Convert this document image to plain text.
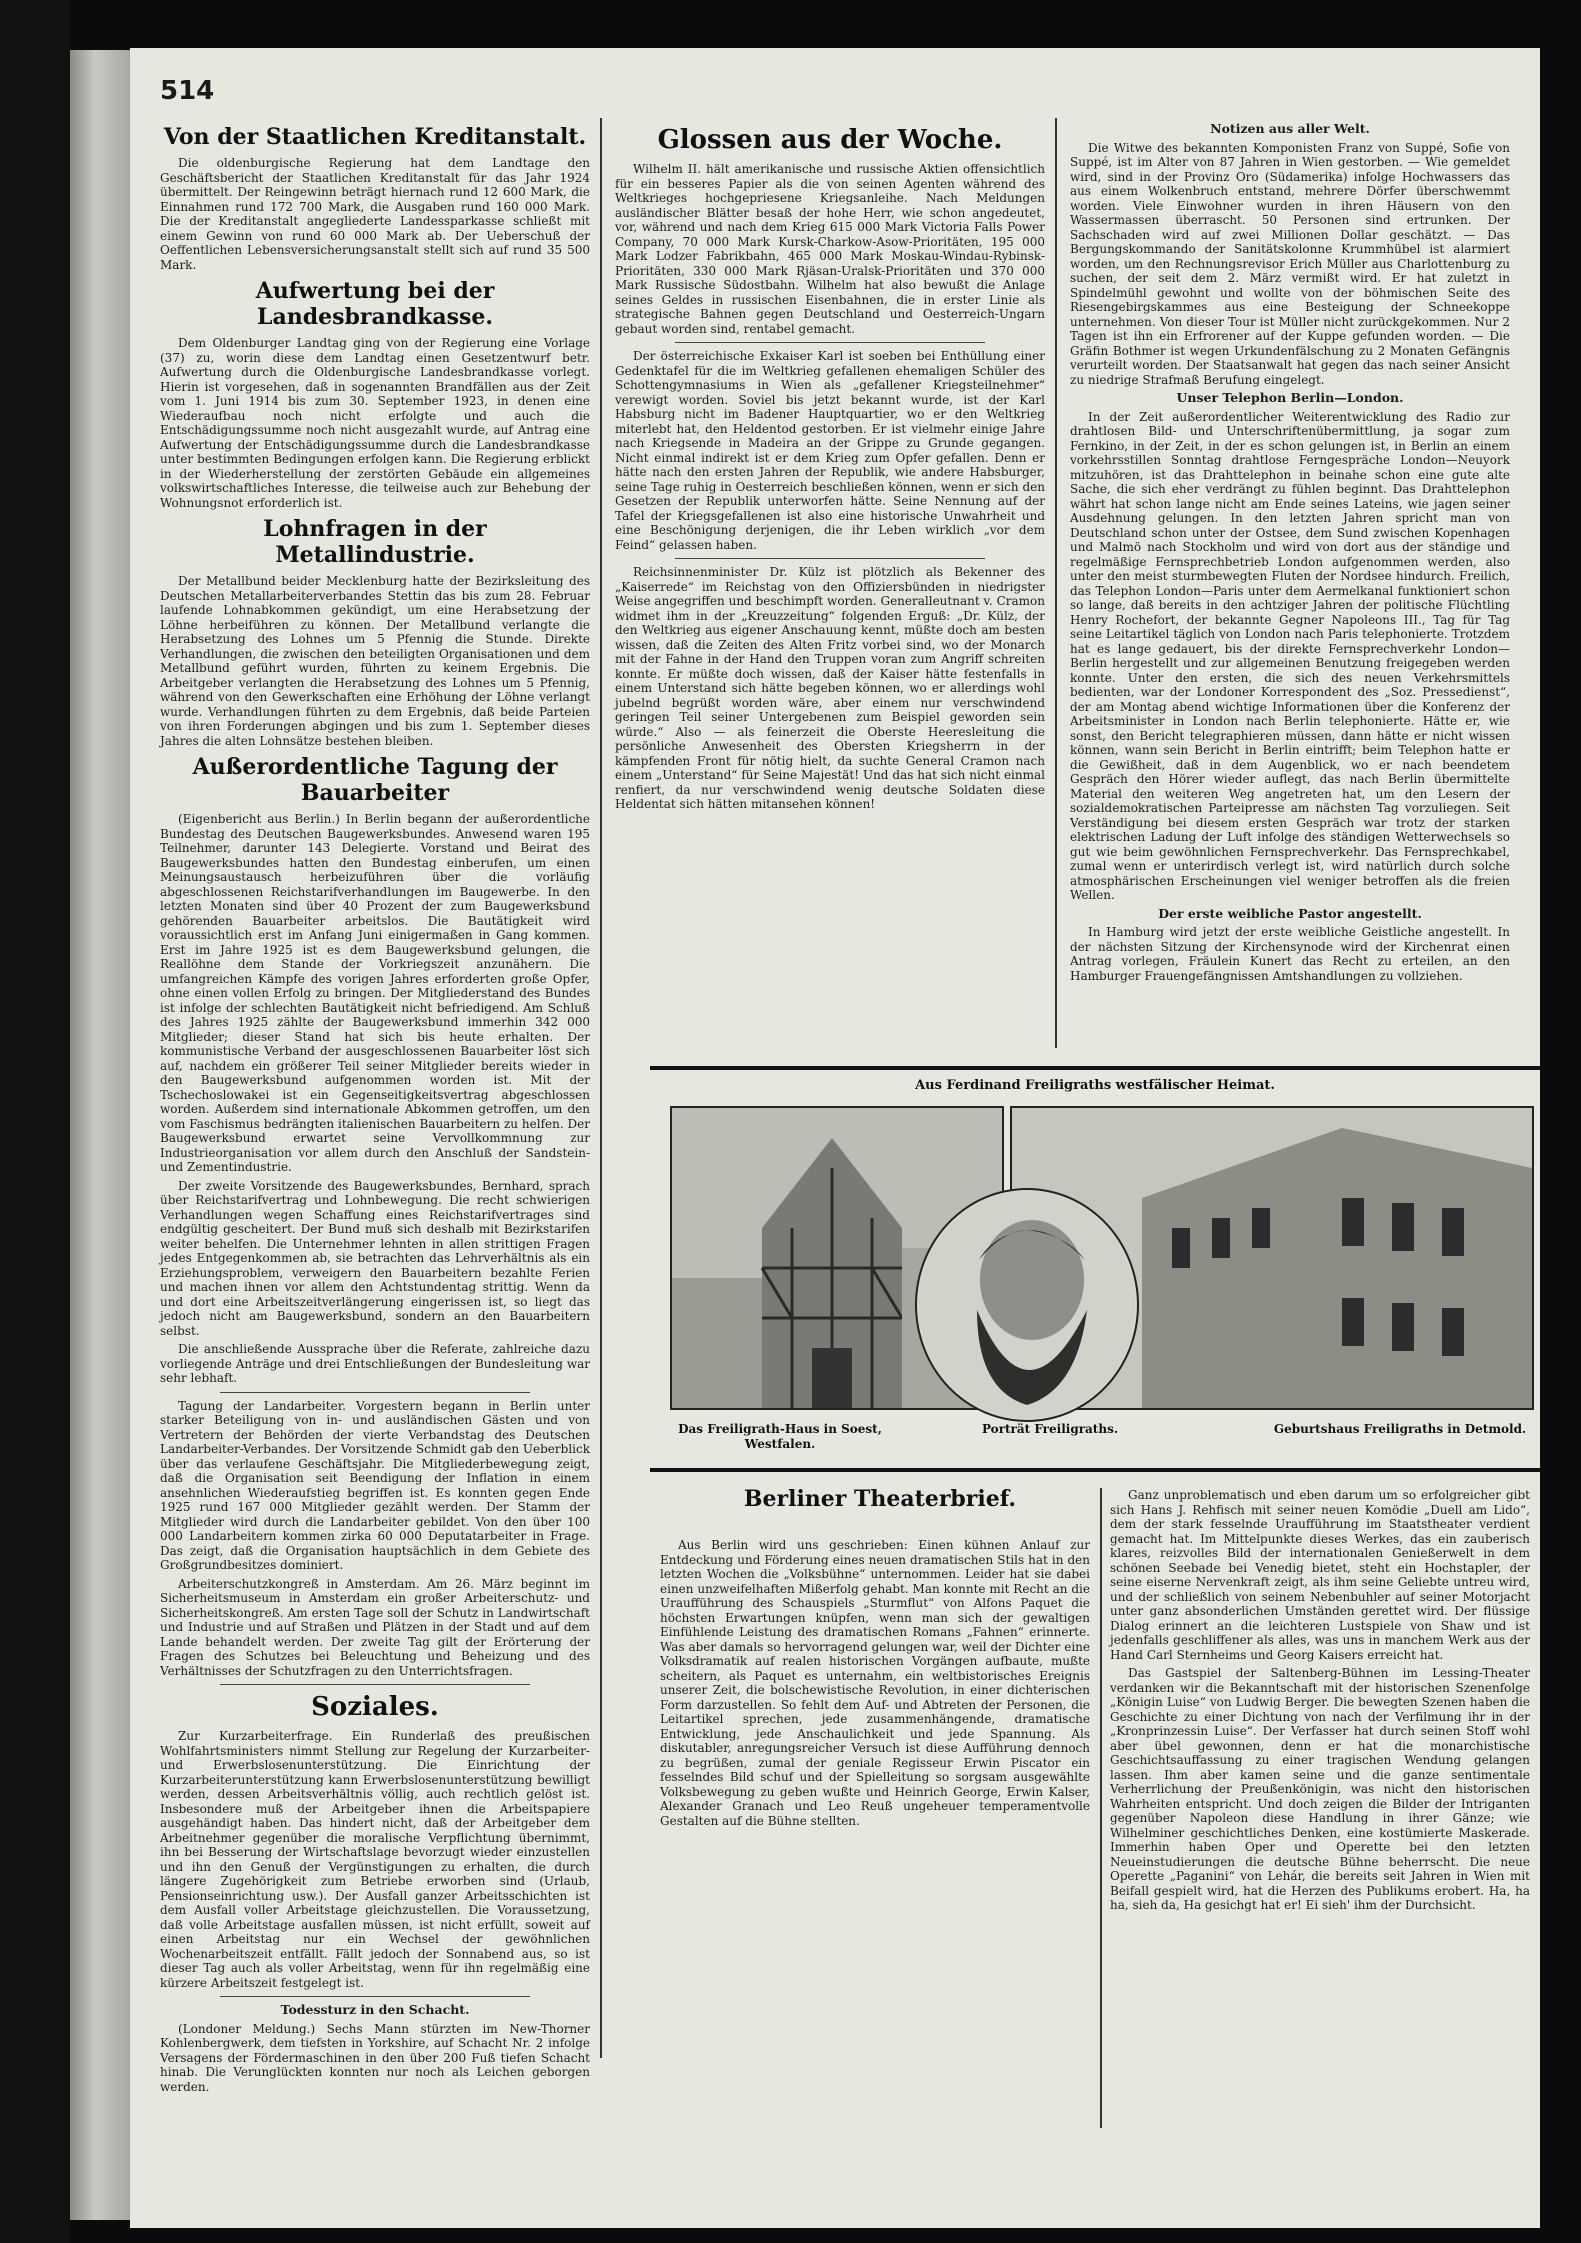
514
Von der Staatlichen Kreditanstalt.

Die oldenburgische Regierung hat dem Landtage den Geschäftsbericht der Staatlichen Kreditanstalt für das Jahr 1924 übermittelt. Der Reingewinn beträgt hiernach rund 12 600 Mark, die Einnahmen rund 172 700 Mark, die Ausgaben rund 160 000 Mark. Die der Kreditanstalt angegliederte Landessparkasse schließt mit einem Gewinn von rund 60 000 Mark ab. Der Ueberschuß der Oeffentlichen Lebensversicherungsanstalt stellt sich auf rund 35 500 Mark.

Aufwertung bei der Landesbrandkasse.

Dem Oldenburger Landtag ging von der Regierung eine Vorlage (37) zu, worin diese dem Landtag einen Gesetzentwurf betr. Aufwertung durch die Oldenburgische Landesbrandkasse vorlegt. Hierin ist vorgesehen, daß in sogenannten Brandfällen aus der Zeit vom 1. Juni 1914 bis zum 30. September 1923, in denen eine Wiederaufbau noch nicht erfolgte und auch die Entschädigungssumme noch nicht ausgezahlt wurde, auf Antrag eine Aufwertung der Entschädigungssumme durch die Landesbrandkasse unter bestimmten Bedingungen erfolgen kann. Die Regierung erblickt in der Wiederherstellung der zerstörten Gebäude ein allgemeines volkswirtschaftliches Interesse, die teilweise auch zur Behebung der Wohnungsnot erforderlich ist.

Lohnfragen in der Metallindustrie.

Der Metallbund beider Mecklenburg hatte der Bezirksleitung des Deutschen Metallarbeiterverbandes Stettin das bis zum 28. Februar laufende Lohnabkommen gekündigt, um eine Herabsetzung der Löhne herbeiführen zu können. Der Metallbund verlangte die Herabsetzung des Lohnes um 5 Pfennig die Stunde. Direkte Verhandlungen, die zwischen den beteiligten Organisationen und dem Metallbund geführt wurden, führten zu keinem Ergebnis. Die Arbeitgeber verlangten die Herabsetzung des Lohnes um 5 Pfennig, während von den Gewerkschaften eine Erhöhung der Löhne verlangt wurde. Verhandlungen führten zu dem Ergebnis, daß beide Parteien von ihren Forderungen abgingen und bis zum 1. September dieses Jahres die alten Lohnsätze bestehen bleiben.

Außerordentliche Tagung der Bauarbeiter

(Eigenbericht aus Berlin.) In Berlin begann der außerordentliche Bundestag des Deutschen Baugewerksbundes. Anwesend waren 195 Teilnehmer, darunter 143 Delegierte. Vorstand und Beirat des Baugewerksbundes hatten den Bundestag einberufen, um einen Meinungsaustausch herbeizuführen über die vorläufig abgeschlossenen Reichstarifverhandlungen im Baugewerbe. In den letzten Monaten sind über 40 Prozent der zum Baugewerksbund gehörenden Bauarbeiter arbeitslos. Die Bautätigkeit wird voraussichtlich erst im Anfang Juni einigermaßen in Gang kommen. Erst im Jahre 1925 ist es dem Baugewerksbund gelungen, die Reallöhne dem Stande der Vorkriegszeit anzunähern. Die umfangreichen Kämpfe des vorigen Jahres erforderten große Opfer, ohne einen vollen Erfolg zu bringen. Der Mitgliederstand des Bundes ist infolge der schlechten Bautätigkeit nicht befriedigend. Am Schluß des Jahres 1925 zählte der Baugewerksbund immerhin 342 000 Mitglieder; dieser Stand hat sich bis heute erhalten. Der kommunistische Verband der ausgeschlossenen Bauarbeiter löst sich auf, nachdem ein größerer Teil seiner Mitglieder bereits wieder in den Baugewerksbund aufgenommen worden ist. Mit der Tschechoslowakei ist ein Gegenseitigkeitsvertrag abgeschlossen worden. Außerdem sind internationale Abkommen getroffen, um den vom Faschismus bedrängten italienischen Bauarbeitern zu helfen. Der Baugewerksbund erwartet seine Vervollkommnung zur Industrieorganisation vor allem durch den Anschluß der Sandstein- und Zementindustrie.

Der zweite Vorsitzende des Baugewerksbundes, Bernhard, sprach über Reichstarifvertrag und Lohnbewegung. Die recht schwierigen Verhandlungen wegen Schaffung eines Reichstarifvertrages sind endgültig gescheitert. Der Bund muß sich deshalb mit Bezirkstarifen weiter behelfen. Die Unternehmer lehnten in allen strittigen Fragen jedes Entgegenkommen ab, sie betrachten das Lehrverhältnis als ein Erziehungsproblem, verweigern den Bauarbeitern bezahlte Ferien und machen ihnen vor allem den Achtstundentag strittig. Wenn da und dort eine Arbeitszeitverlängerung eingerissen ist, so liegt das jedoch nicht am Baugewerksbund, sondern an den Bauarbeitern selbst.

Die anschließende Aussprache über die Referate, zahlreiche dazu vorliegende Anträge und drei Entschließungen der Bundesleitung war sehr lebhaft.

Tagung der Landarbeiter. Vorgestern begann in Berlin unter starker Beteiligung von in- und ausländischen Gästen und von Vertretern der Behörden der vierte Verbandstag des Deutschen Landarbeiter-Verbandes. Der Vorsitzende Schmidt gab den Ueberblick über das verlaufene Geschäftsjahr. Die Mitgliederbewegung zeigt, daß die Organisation seit Beendigung der Inflation in einem ansehnlichen Wiederaufstieg begriffen ist. Es konnten gegen Ende 1925 rund 167 000 Mitglieder gezählt werden. Der Stamm der Mitglieder wird durch die Landarbeiter gebildet. Von den über 100 000 Landarbeitern kommen zirka 60 000 Deputatarbeiter in Frage. Das zeigt, daß die Organisation hauptsächlich in dem Gebiete des Großgrundbesitzes dominiert.

Arbeiterschutzkongreß in Amsterdam. Am 26. März beginnt im Sicherheitsmuseum in Amsterdam ein großer Arbeiterschutz- und Sicherheitskongreß. Am ersten Tage soll der Schutz in Landwirtschaft und Industrie und auf Straßen und Plätzen in der Stadt und auf dem Lande behandelt werden. Der zweite Tag gilt der Erörterung der Fragen des Schutzes bei Beleuchtung und Beheizung und des Verhältnisses der Schutzfragen zu den Unterrichtsfragen.

Soziales.

Zur Kurzarbeiterfrage. Ein Runderlaß des preußischen Wohlfahrtsministers nimmt Stellung zur Regelung der Kurzarbeiter- und Erwerbslosenunterstützung. Die Einrichtung der Kurzarbeiterunterstützung kann Erwerbslosenunterstützung bewilligt werden, dessen Arbeitsverhältnis völlig, auch rechtlich gelöst ist. Insbesondere muß der Arbeitgeber ihnen die Arbeitspapiere ausgehändigt haben. Das hindert nicht, daß der Arbeitgeber dem Arbeitnehmer gegenüber die moralische Verpflichtung übernimmt, ihn bei Besserung der Wirtschaftslage bevorzugt wieder einzustellen und ihn den Genuß der Vergünstigungen zu erhalten, die durch längere Zugehörigkeit zum Betriebe erworben sind (Urlaub, Pensionseinrichtung usw.). Der Ausfall ganzer Arbeitsschichten ist dem Ausfall voller Arbeitstage gleichzustellen. Die Voraussetzung, daß volle Arbeitstage ausfallen müssen, ist nicht erfüllt, soweit auf einen Arbeitstag nur ein Wechsel der gewöhnlichen Wochenarbeitszeit entfällt. Fällt jedoch der Sonnabend aus, so ist dieser Tag auch als voller Arbeitstag, wenn für ihn regelmäßig eine kürzere Arbeitszeit festgelegt ist.

Todessturz in den Schacht.

(Londoner Meldung.) Sechs Mann stürzten im New-Thorner Kohlenbergwerk, dem tiefsten in Yorkshire, auf Schacht Nr. 2 infolge Versagens der Fördermaschinen in den über 200 Fuß tiefen Schacht hinab. Die Verunglückten konnten nur noch als Leichen geborgen werden.

Glossen aus der Woche.

Wilhelm II. hält amerikanische und russische Aktien offensichtlich für ein besseres Papier als die von seinen Agenten während des Weltkrieges hochgepriesene Kriegsanleihe. Nach Meldungen ausländischer Blätter besaß der hohe Herr, wie schon angedeutet, vor, während und nach dem Krieg 615 000 Mark Victoria Falls Power Company, 70 000 Mark Kursk-Charkow-Asow-Prioritäten, 195 000 Mark Lodzer Fabrikbahn, 465 000 Mark Moskau-Windau-Rybinsk-Prioritäten, 330 000 Mark Rjäsan-Uralsk-Prioritäten und 370 000 Mark Russische Südostbahn. Wilhelm hat also bewußt die Anlage seines Geldes in russischen Eisenbahnen, die in erster Linie als strategische Bahnen gegen Deutschland und Oesterreich-Ungarn gebaut worden sind, rentabel gemacht.

Der österreichische Exkaiser Karl ist soeben bei Enthüllung einer Gedenktafel für die im Weltkrieg gefallenen ehemaligen Schüler des Schottengymnasiums in Wien als „gefallener Kriegsteilnehmer“ verewigt worden. Soviel bis jetzt bekannt wurde, ist der Karl Habsburg nicht im Badener Hauptquartier, wo er den Weltkrieg miterlebt hat, den Heldentod gestorben. Er ist vielmehr einige Jahre nach Kriegsende in Madeira an der Grippe zu Grunde gegangen. Nicht einmal indirekt ist er dem Krieg zum Opfer gefallen. Denn er hätte nach den ersten Jahren der Republik, wie andere Habsburger, seine Tage ruhig in Oesterreich beschließen können, wenn er sich den Gesetzen der Republik unterworfen hätte. Seine Nennung auf der Tafel der Kriegsgefallenen ist also eine historische Unwahrheit und eine Beschönigung derjenigen, die ihr Leben wirklich „vor dem Feind“ gelassen haben.

Reichsinnenminister Dr. Külz ist plötzlich als Bekenner des „Kaiserrede“ im Reichstag von den Offiziersbünden in niedrigster Weise angegriffen und beschimpft worden. Generalleutnant v. Cramon widmet ihm in der „Kreuzzeitung“ folgenden Erguß: „Dr. Külz, der den Weltkrieg aus eigener Anschauung kennt, müßte doch am besten wissen, daß die Zeiten des Alten Fritz vorbei sind, wo der Monarch mit der Fahne in der Hand den Truppen voran zum Angriff schreiten konnte. Er müßte doch wissen, daß der Kaiser hätte festenfalls in einem Unterstand sich hätte begeben können, wo er allerdings wohl jubelnd begrüßt worden wäre, aber einem nur verschwindend geringen Teil seiner Untergebenen zum Beispiel geworden sein würde.“ Also — als feinerzeit die Oberste Heeresleitung die persönliche Anwesenheit des Obersten Kriegsherrn in der kämpfenden Front für nötig hielt, da suchte General Cramon nach einem „Unterstand“ für Seine Majestät! Und das hat sich nicht einmal renfiert, da nur verschwindend wenig deutsche Soldaten diese Heldentat sich hätten mitansehen können!

Notizen aus aller Welt.

Die Witwe des bekannten Komponisten Franz von Suppé, Sofie von Suppé, ist im Alter von 87 Jahren in Wien gestorben. — Wie gemeldet wird, sind in der Provinz Oro (Südamerika) infolge Hochwassers das aus einem Wolkenbruch entstand, mehrere Dörfer überschwemmt worden. Viele Einwohner wurden in ihren Häusern von den Wassermassen überrascht. 50 Personen sind ertrunken. Der Sachschaden wird auf zwei Millionen Dollar geschätzt. — Das Bergungskommando der Sanitätskolonne Krummhübel ist alarmiert worden, um den Rechnungsrevisor Erich Müller aus Charlottenburg zu suchen, der seit dem 2. März vermißt wird. Er hat zuletzt in Spindelmühl gewohnt und wollte von der böhmischen Seite des Riesengebirgskammes aus eine Besteigung der Schneekoppe unternehmen. Von dieser Tour ist Müller nicht zurückgekommen. Nur 2 Tagen ist ihn ein Erfrorener auf der Kuppe gefunden worden. — Die Gräfin Bothmer ist wegen Urkundenfälschung zu 2 Monaten Gefängnis verurteilt worden. Der Staatsanwalt hat gegen das nach seiner Ansicht zu niedrige Strafmaß Berufung eingelegt.

Unser Telephon Berlin—London.

In der Zeit außerordentlicher Weiterentwicklung des Radio zur drahtlosen Bild- und Unterschriftenübermittlung, ja sogar zum Fernkino, in der Zeit, in der es schon gelungen ist, in Berlin an einem vorkehrsstillen Sonntag drahtlose Ferngespräche London—Neuyork mitzuhören, ist das Drahttelephon in beinahe schon eine gute alte Sache, die sich eher verdrängt zu fühlen beginnt. Das Drahttelephon währt hat schon lange nicht am Ende seines Lateins, wie jagen seiner Ausdehnung gelungen. In den letzten Jahren spricht man von Deutschland schon unter der Ostsee, dem Sund zwischen Kopenhagen und Malmö nach Stockholm und wird von dort aus der ständige und regelmäßige Fernsprechbetrieb London aufgenommen werden, also unter den meist sturmbewegten Fluten der Nordsee hindurch. Freilich, das Telephon London—Paris unter dem Aermelkanal funktioniert schon so lange, daß bereits in den achtziger Jahren der politische Flüchtling Henry Rochefort, der bekannte Gegner Napoleons III., Tag für Tag seine Leitartikel täglich von London nach Paris telephonierte. Trotzdem hat es lange gedauert, bis der direkte Fernsprechverkehr London—Berlin hergestellt und zur allgemeinen Benutzung freigegeben werden konnte. Unter den ersten, die sich des neuen Verkehrsmittels bedienten, war der Londoner Korrespondent des „Soz. Pressedienst“, der am Montag abend wichtige Informationen über die Konferenz der Arbeitsminister in London nach Berlin telephonierte. Hätte er, wie sonst, den Bericht telegraphieren müssen, dann hätte er nicht wissen können, wann sein Bericht in Berlin eintrifft; beim Telephon hatte er die Gewißheit, daß in dem Augenblick, wo er nach beendetem Gespräch den Hörer wieder auflegt, das nach Berlin übermittelte Material den weiteren Weg angetreten hat, um den Lesern der sozialdemokratischen Parteipresse am nächsten Tag vorzuliegen. Seit Verständigung bei diesem ersten Gespräch war trotz der starken elektrischen Ladung der Luft infolge des ständigen Wetterwechsels so gut wie beim gewöhnlichen Fernsprechverkehr. Das Fernsprechkabel, zumal wenn er unterirdisch verlegt ist, wird natürlich durch solche atmosphärischen Erscheinungen viel weniger betroffen als die freien Wellen.

Der erste weibliche Pastor angestellt.

In Hamburg wird jetzt der erste weibliche Geistliche angestellt. In der nächsten Sitzung der Kirchensynode wird der Kirchenrat einen Antrag vorlegen, Fräulein Kunert das Recht zu erteilen, an den Hamburger Frauengefängnissen Amtshandlungen zu vollziehen.

Aus Ferdinand Freiligraths westfälischer Heimat.
Das Freiligrath-Haus in Soest, Westfalen.
Porträt Freiligraths.	Geburtshaus Freiligraths in Detmold.
Berliner Theaterbrief.

Aus Berlin wird uns geschrieben: Einen kühnen Anlauf zur Entdeckung und Förderung eines neuen dramatischen Stils hat in den letzten Wochen die „Volksbühne“ unternommen. Leider hat sie dabei einen unzweifelhaften Mißerfolg gehabt. Man konnte mit Recht an die Uraufführung des Schauspiels „Sturmflut“ von Alfons Paquet die höchsten Erwartungen knüpfen, wenn man sich der gewaltigen Einfühlende Leistung des dramatischen Romans „Fahnen“ erinnerte. Was aber damals so hervorragend gelungen war, weil der Dichter eine Volksdramatik auf realen historischen Vorgängen aufbaute, mußte scheitern, als Paquet es unternahm, ein weltbistorisches Ereignis unserer Zeit, die bolschewistische Revolution, in einer dichterischen Form darzustellen. So fehlt dem Auf- und Abtreten der Personen, die Leitartikel sprechen, jede zusammenhängende, dramatische Entwicklung, jede Anschaulichkeit und jede Spannung. Als diskutabler, anregungsreicher Versuch ist diese Aufführung dennoch zu begrüßen, zumal der geniale Regisseur Erwin Piscator ein fesselndes Bild schuf und der Spielleitung so sorgsam ausgewählte Volksbewegung zu geben wußte und Heinrich George, Erwin Kalser, Alexander Granach und Leo Reuß ungeheuer temperamentvolle Gestalten auf die Bühne stellten.

Ganz unproblematisch und eben darum um so erfolgreicher gibt sich Hans J. Rehfisch mit seiner neuen Komödie „Duell am Lido“, dem der stark fesselnde Uraufführung im Staatstheater verdient gemacht hat. Im Mittelpunkte dieses Werkes, das ein zauberisch klares, reizvolles Bild der internationalen Genießerwelt in dem schönen Seebade bei Venedig bietet, steht ein Hochstapler, der seine eiserne Nervenkraft zeigt, als ihm seine Geliebte untreu wird, und der schließlich von seinem Nebenbuhler auf seiner Motorjacht unter ganz absonderlichen Umständen gerettet wird. Der flüssige Dialog erinnert an die leichteren Lustspiele von Shaw und ist jedenfalls geschliffener als alles, was uns in manchem Werk aus der Hand Carl Sternheims und Georg Kaisers erreicht hat.

Das Gastspiel der Saltenberg-Bühnen im Lessing-Theater verdanken wir die Bekanntschaft mit der historischen Szenenfolge „Königin Luise“ von Ludwig Berger. Die bewegten Szenen haben die Geschichte zu einer Dichtung von nach der Verfilmung ihr in der „Kronprinzessin Luise“. Der Verfasser hat durch seinen Stoff wohl aber übel gewonnen, denn er hat die monarchistische Geschichtsauffassung zu einer tragischen Wendung gelangen lassen. Ihm aber kamen seine und die ganze sentimentale Verherrlichung der Preußenkönigin, was nicht den historischen Wahrheiten entspricht. Und doch zeigen die Bilder der Intriganten gegenüber Napoleon diese Handlung in ihrer Gänze; wie Wilhelminer geschichtliches Denken, eine kostümierte Maskerade. Immerhin haben Oper und Operette bei den letzten Neueinstudierungen die deutsche Bühne beherrscht. Die neue Operette „Paganini“ von Lehár, die bereits seit Jahren in Wien mit Beifall gespielt wird, hat die Herzen des Publikums erobert. Ha, ha ha, sieh da, Ha gesichgt hat er! Ei sieh' ihm der Durchsicht.
